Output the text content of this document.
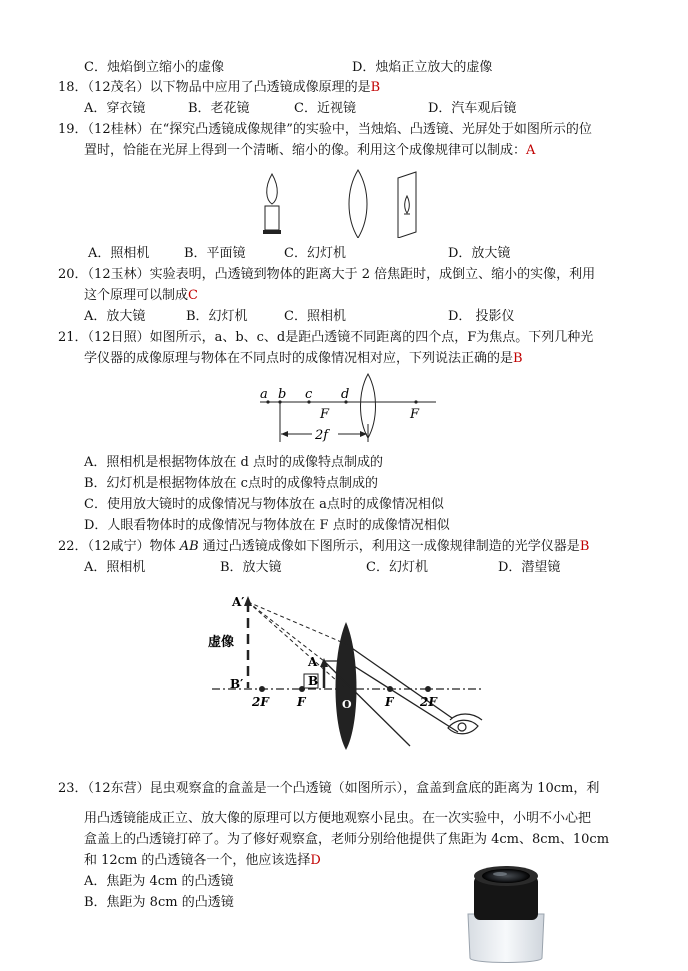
C．烛焰倒立缩小的虚像	D．烛焰正立放大的虚像
18．（12茂名）以下物品中应用了凸透镜成像原理的是B
A．穿衣镜	B．老花镜	C．近视镜	D．汽车观后镜
19．（12桂林）在“探究凸透镜成像规律”的实验中，当烛焰、凸透镜、光屏处于如图所示的位
置时，恰能在光屏上得到一个清晰、缩小的像。利用这个成像规律可以制成：A
A．照相机	B．平面镜	C．幻灯机	D．放大镜
20．（12玉林）实验表明，凸透镜到物体的距离大于 2 倍焦距时，成倒立、缩小的实像，利用
这个原理可以制成C
A．放大镜	B．幻灯机	C．照相机	D． 投影仪
21．（12日照）如图所示，a、b、c、d是距凸透镜不同距离的四个点，F为焦点。下列几种光
学仪器的成像原理与物体在不同点时的成像情况相对应，下列说法正确的是B
a b c d
F	F
2f
A．照相机是根据物体放在 d 点时的成像特点制成的
B．幻灯机是根据物体放在 c点时的成像特点制成的
C．使用放大镜时的成像情况与物体放在 a点时的成像情况相似
D．人眼看物体时的成像情况与物体放在 F 点时的成像情况相似
22．（12咸宁）物体 AB 通过凸透镜成像如下图所示，利用这一成像规律制造的光学仪器是B
A．照相机	B．放大镜	C．幻灯机	D．潜望镜
A′
虚像
B′
A
B
2F F	O	F 2F
23．（12东营）昆虫观察盒的盒盖是一个凸透镜（如图所示），盒盖到盒底的距离为 10cm，利
用凸透镜能成正立、放大像的原理可以方便地观察小昆虫。在一次实验中，小明不小心把
盒盖上的凸透镜打碎了。为了修好观察盒，老师分别给他提供了焦距为 4cm、8cm、10cm
和 12cm 的凸透镜各一个，他应该选择D
A．焦距为 4cm 的凸透镜
B．焦距为 8cm 的凸透镜
